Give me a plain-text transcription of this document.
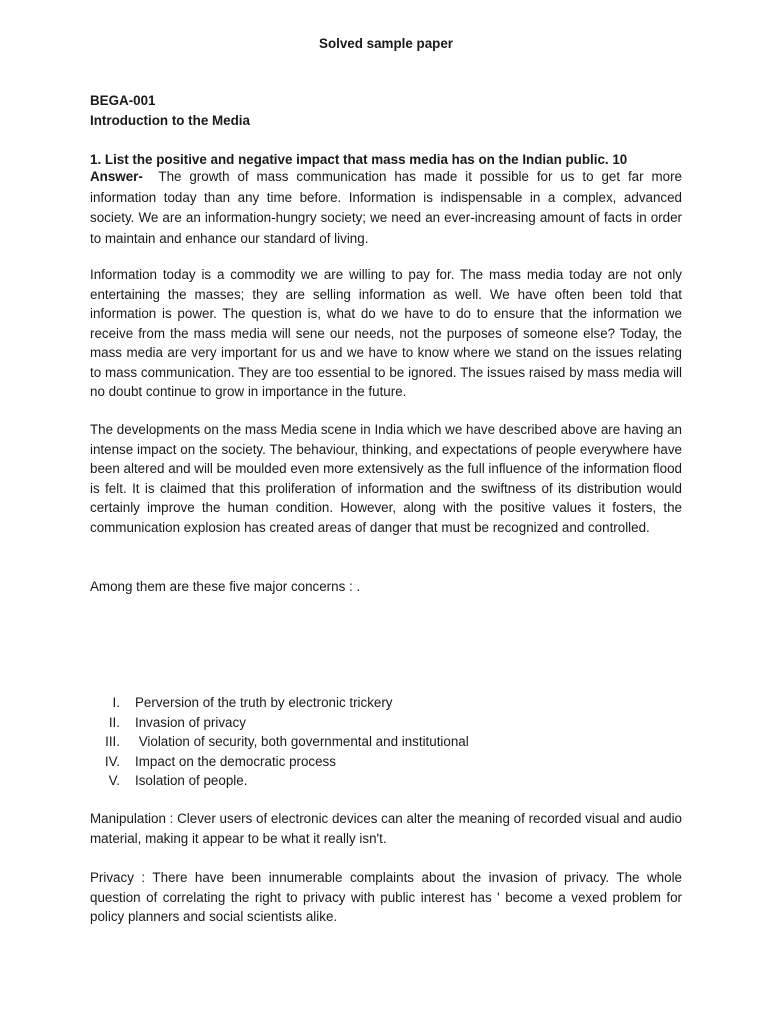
Solved sample paper
BEGA-001
Introduction to the Media
1. List the positive and negative impact that mass media has on the Indian public. 10
Answer- The growth of mass communication has made it possible for us to get far more information today than any time before. Information is indispensable in a complex, advanced society. We are an information-hungry society; we need an ever-increasing amount of facts in order to maintain and enhance our standard of living.

Information today is a commodity we are willing to pay for. The mass media today are not only entertaining the masses; they are selling information as well. We have often been told that information is power. The question is, what do we have to do to ensure that the information we receive from the mass media will sene our needs, not the purposes of someone else? Today, the mass media are very important for us and we have to know where we stand on the issues relating to mass communication. They are too essential to be ignored. The issues raised by mass media will no doubt continue to grow in importance in the future.

The developments on the mass Media scene in India which we have described above are having an intense impact on the society. The behaviour, thinking, and expectations of people everywhere have been altered and will be moulded even more extensively as the full influence of the information flood is felt. It is claimed that this proliferation of information and the swiftness of its distribution would certainly improve the human condition. However, along with the positive values it fosters, the communication explosion has created areas of danger that must be recognized and controlled.

Among them are these five major concerns : .

I. Perversion of the truth by electronic trickery
II. Invasion of privacy
III. Violation of security, both governmental and institutional
IV. Impact on the democratic process
V. Isolation of people.

Manipulation : Clever users of electronic devices can alter the meaning of recorded visual and audio material, making it appear to be what it really isn't.

Privacy : There have been innumerable complaints about the invasion of privacy. The whole question of correlating the right to privacy with public interest has ' become a vexed problem for policy planners and social scientists alike.
